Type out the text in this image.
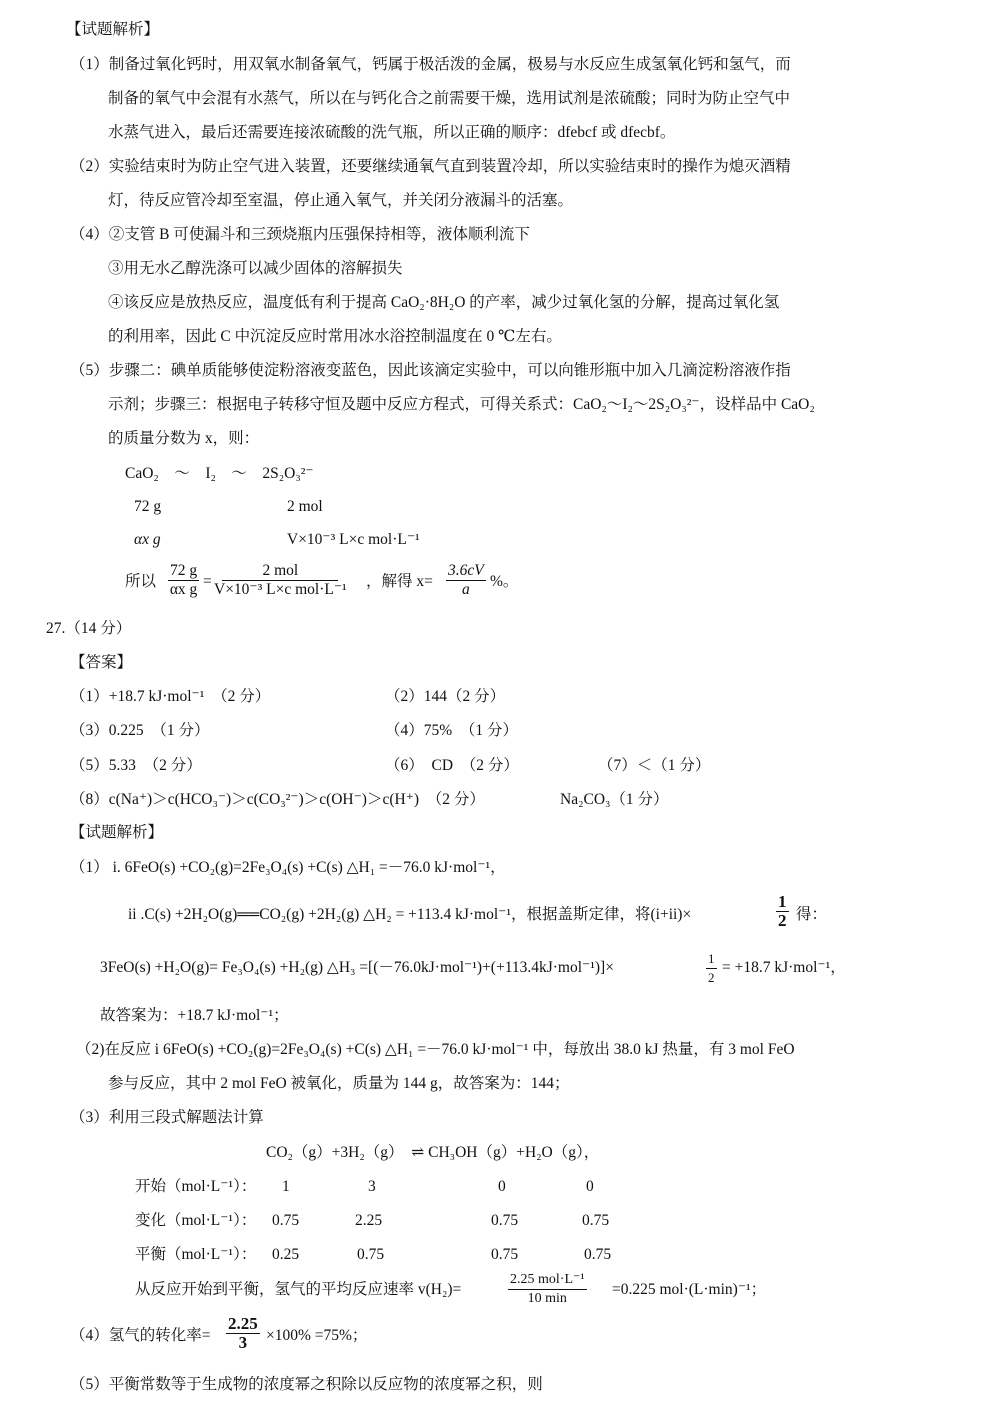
【试题解析】
（1）制备过氧化钙时，用双氧水制备氧气，钙属于极活泼的金属，极易与水反应生成氢氧化钙和氢气，而
制备的氧气中会混有水蒸气，所以在与钙化合之前需要干燥，选用试剂是浓硫酸；同时为防止空气中
水蒸气进入，最后还需要连接浓硫酸的洗气瓶，所以正确的顺序：dfebcf 或 dfecbf。
（2）实验结束时为防止空气进入装置，还要继续通氧气直到装置冷却，所以实验结束时的操作为熄灭酒精
灯，待反应管冷却至室温，停止通入氧气，并关闭分液漏斗的活塞。
（4）②支管 B 可使漏斗和三颈烧瓶内压强保持相等，液体顺利流下
③用无水乙醇洗涤可以减少固体的溶解损失
④该反应是放热反应，温度低有利于提高 CaO₂·8H₂O 的产率，减少过氧化氢的分解，提高过氧化氢
的利用率，因此 C 中沉淀反应时常用冰水浴控制温度在 0 ℃左右。
（5）步骤二：碘单质能够使淀粉溶液变蓝色，因此该滴定实验中，可以向锥形瓶中加入几滴淀粉溶液作指
示剂；步骤三：根据电子转移守恒及题中反应方程式，可得关系式：CaO₂～I₂～2S₂O₃²⁻，设样品中 CaO₂
的质量分数为 x，则：
CaO₂　～　I₂　～　2S₂O₃²⁻
72 g	2 mol
αx g	V×10⁻³ L×c mol·L⁻¹
所以 $\frac{72 g}{\text{αx g}}$ =
2 mol
V×10⁻³ L×c mol·L⁻¹ ，解得 $x= \frac{3.6cV}{a}$ %。
27.（14 分）
【答案】
（1）+18.7 kJ·mol⁻¹　（2 分）	（2）144（2 分）
（3）0.225　（1 分）	（4）75%　（1 分）
（5）5.33　（2 分）	（6）　CD　（2 分）	（7）＜（1 分）
（8）c(Na⁺)＞c(HCO₃⁻)＞c(CO₃²⁻)＞c(OH⁻)＞c(H⁺)　（2 分）	Na₂CO₃（1 分）
【试题解析】
（1） i. 6FeO(s) +CO₂(g)=2Fe₃O₄(s) +C(s) △H₁ =－76.0 kJ·mol⁻¹，
ii .C(s) +2H₂O(g)══CO₂(g) +2H₂(g) △H₂ = +113.4 kJ·mol⁻¹，根据盖斯定律，将(i+ii)×	$\frac{1}{2}$ 得：
3FeO(s) +H₂O(g)= Fe₃O₄(s) +H₂(g) △H₃ =[(－76.0kJ·mol⁻¹)+(+113.4kJ·mol⁻¹)]×	$\frac{1}{2} = +18.7$ kJ·mol⁻¹，
故答案为：+18.7 kJ·mol⁻¹；
（2)在反应 i 6FeO(s) +CO₂(g)=2Fe₃O₄(s) +C(s) △H₁ =－76.0 kJ·mol⁻¹ 中，每放出 38.0 kJ 热量，有 3 mol FeO
参与反应，其中 2 mol FeO 被氧化，质量为 144 g，故答案为：144；
（3）利用三段式解题法计算
CO₂（g）+3H₂（g）　⇌ CH₃OH（g）+H₂O（g），
开始（mol·L⁻¹）： 1	3	0	0
变化（mol·L⁻¹）： 0.75	2.25	0.75	0.75
平衡（mol·L⁻¹）： 0.25	0.75	0.75	0.75
从反应开始到平衡，氢气的平均反应速率 v(H₂)=
2.25 mol·L⁻¹
10 min
=0.225 mol·(L·min)⁻¹；
（4）氢气的转化率= $\frac{2.25}{3} \times 100\% =75\%$；
（5）平衡常数等于生成物的浓度幂之积除以反应物的浓度幂之积，则
